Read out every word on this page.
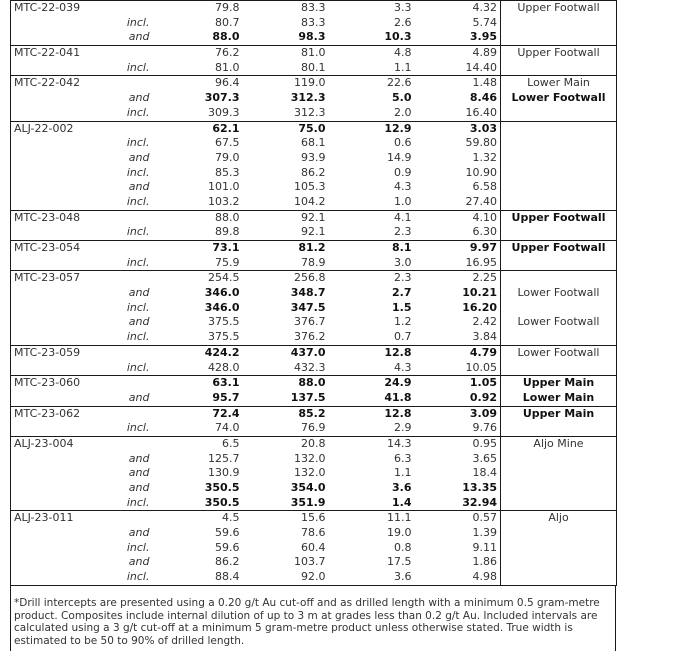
MTC-22-039		79.8	83.3	3.3	4.32	Upper Footwall
	incl.	80.7	83.3	2.6	5.74	
	and	88.0	98.3	10.3	3.95	
MTC-22-041		76.2	81.0	4.8	4.89	Upper Footwall
	incl.	81.0	80.1	1.1	14.40	
MTC-22-042		96.4	119.0	22.6	1.48	Lower Main
	and	307.3	312.3	5.0	8.46	Lower Footwall
	incl.	309.3	312.3	2.0	16.40	
ALJ-22-002		62.1	75.0	12.9	3.03	
	incl.	67.5	68.1	0.6	59.80	
	and	79.0	93.9	14.9	1.32	
	incl.	85.3	86.2	0.9	10.90	
	and	101.0	105.3	4.3	6.58	
	incl.	103.2	104.2	1.0	27.40	
MTC-23-048		88.0	92.1	4.1	4.10	Upper Footwall
	incl.	89.8	92.1	2.3	6.30	
MTC-23-054		73.1	81.2	8.1	9.97	Upper Footwall
	incl.	75.9	78.9	3.0	16.95	
MTC-23-057		254.5	256.8	2.3	2.25	
	and	346.0	348.7	2.7	10.21	Lower Footwall
	incl.	346.0	347.5	1.5	16.20	
	and	375.5	376.7	1.2	2.42	Lower Footwall
	incl.	375.5	376.2	0.7	3.84	
MTC-23-059		424.2	437.0	12.8	4.79	Lower Footwall
	incl.	428.0	432.3	4.3	10.05	
MTC-23-060		63.1	88.0	24.9	1.05	Upper Main
	and	95.7	137.5	41.8	0.92	Lower Main
MTC-23-062		72.4	85.2	12.8	3.09	Upper Main
	incl.	74.0	76.9	2.9	9.76	
ALJ-23-004		6.5	20.8	14.3	0.95	Aljo Mine
	and	125.7	132.0	6.3	3.65	
	and	130.9	132.0	1.1	18.4	
	and	350.5	354.0	3.6	13.35	
	incl.	350.5	351.9	1.4	32.94	
ALJ-23-011		4.5	15.6	11.1	0.57	Aljo
	and	59.6	78.6	19.0	1.39	
	incl.	59.6	60.4	0.8	9.11	
	and	86.2	103.7	17.5	1.86	
	incl.	88.4	92.0	3.6	4.98	
*Drill intercepts are presented using a 0.20 g/t Au cut-off and as drilled length with a minimum 0.5 gram-metre product. Composites include internal dilution of up to 3 m at grades less than 0.2 g/t Au. Included intervals are calculated using a 3 g/t cut-off at a minimum 5 gram-metre product unless otherwise stated. True width is estimated to be 50 to 90% of drilled length.
